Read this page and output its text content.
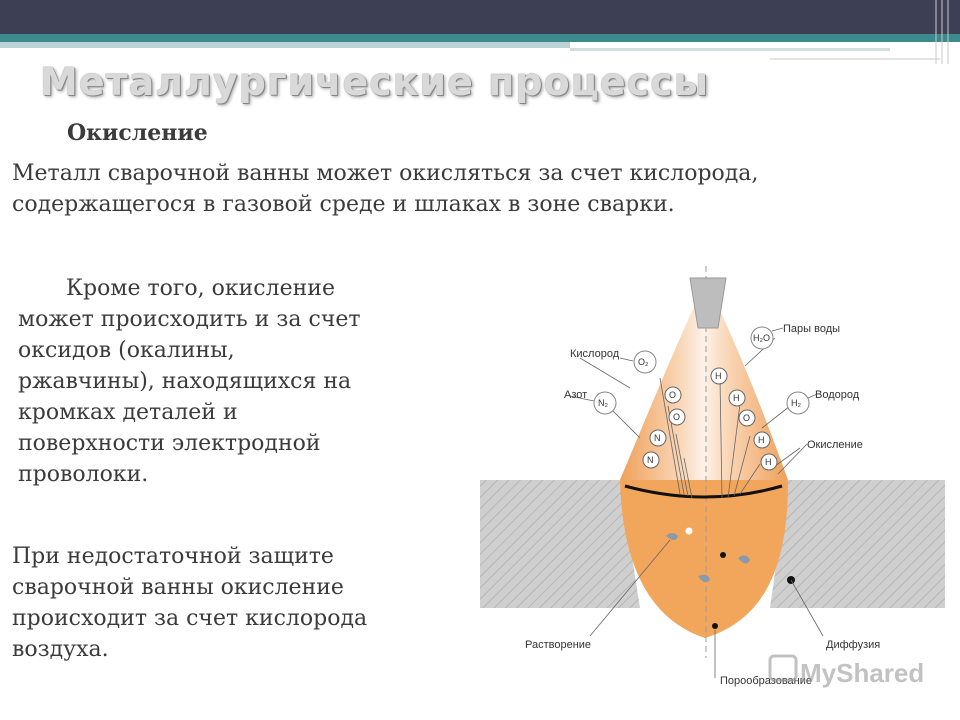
Металлургические процессы
Окисление
Металл сварочной ванны может окисляться за счет кислорода, содержащегося в газовой среде и шлаках в зоне сварки.
Кроме того, окисление
может происходить и за счет
оксидов (окалины,
ржавчины), находящихся на
кромках деталей и
поверхности электродной
проволоки.
При недостаточной защите
сварочной ванны окисление
происходит за счет кислорода
воздуха.
O
O
N
N
H
H
O
H
H
O₂
N₂
H₂O
H₂
Кислород
Пары воды
Азот	Водород
Окисление
Растворение	Диффузия
Порообразование
MyShared
